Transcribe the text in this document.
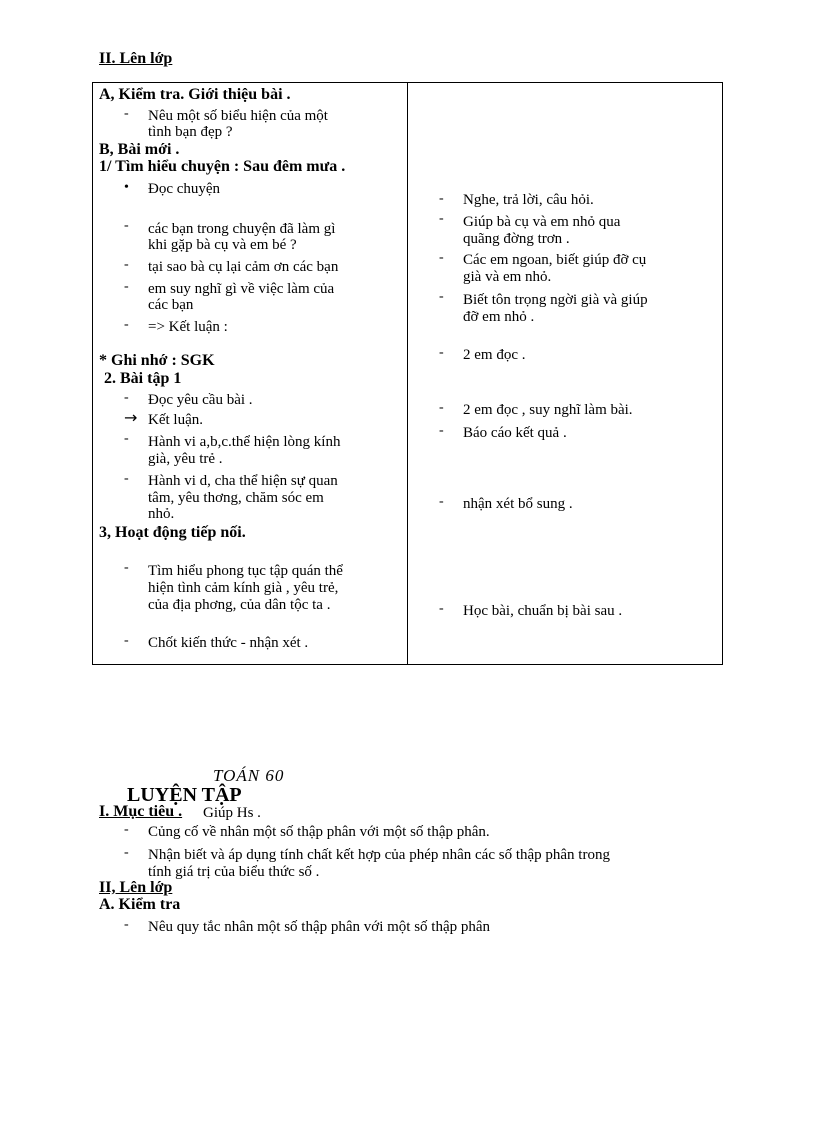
II. Lên lớp
A, Kiểm tra. Giới thiệu bài .
- Nêu một số biểu hiện của một
tình bạn đẹp ?
B, Bài mới .
1/ Tìm hiểu chuyện : Sau đêm mưa .
• Đọc chuyện
- các bạn trong chuyện đã làm gì
khi gặp bà cụ và em bé ?
- tại sao bà cụ lại cảm ơn các bạn
- em suy nghĩ gì về việc làm của
các bạn
- => Kết luận :
* Ghi nhớ : SGK
2. Bài tập 1
- Đọc yêu cầu bài .
→ Kết luận.
- Hành vi a,b,c.thể hiện lòng kính
già, yêu trẻ .
- Hành vi d, cha thể hiện sự quan
tâm, yêu thơng, chăm sóc em
nhỏ.
3, Hoạt động tiếp nối.
- Tìm hiểu phong tục tập quán thể
hiện tình cảm kính già , yêu trẻ,
của địa phơng, của dân tộc ta .
- Chốt kiến thức - nhận xét .
- Nghe, trả lời, câu hỏi.
- Giúp bà cụ và em nhỏ qua
quãng đờng trơn .
- Các em ngoan, biết giúp đỡ cụ
già và em nhỏ.
- Biết tôn trọng ngời già và giúp
đỡ em nhỏ .
- 2 em đọc .
- 2 em đọc , suy nghĩ làm bài.
- Báo cáo kết quả .
- nhận xét bổ sung .
- Học bài, chuẩn bị bài sau .
TOÁN 60
LUYỆN TẬP
I. Mục tiêu . Giúp Hs .
- Củng cố về nhân một số thập phân với một số thập phân.
- Nhận biết và áp dụng tính chất kết hợp của phép nhân các số thập phân trong
tính giá trị của biểu thức số .
II, Lên lớp
A. Kiểm tra
- Nêu quy tắc nhân một số thập phân với một số thập phân
